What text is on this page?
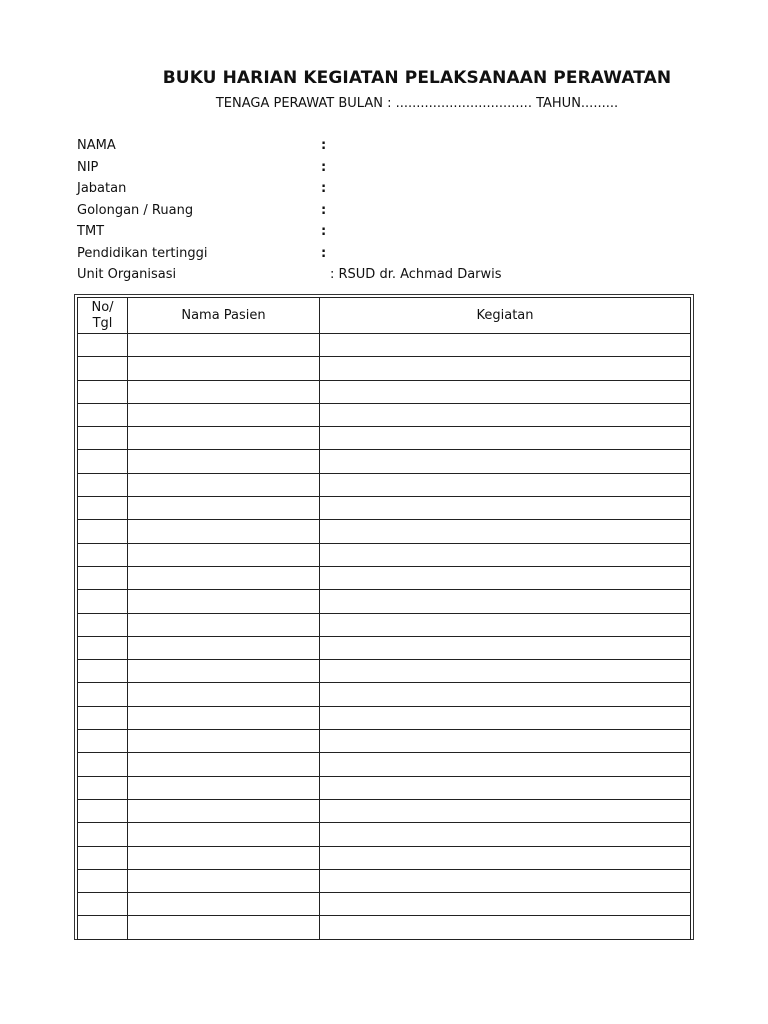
BUKU HARIAN KEGIATAN PELAKSANAAN PERAWATAN
TENAGA PERAWAT BULAN : ................................. TAHUN.........
NAMA	:
NIP	:
Jabatan	:
Golongan / Ruang	:
TMT	:
Pendidikan tertinggi	:
Unit Organisasi	: RSUD dr. Achmad Darwis
No/
Tgl	Nama Pasien	Kegiatan
